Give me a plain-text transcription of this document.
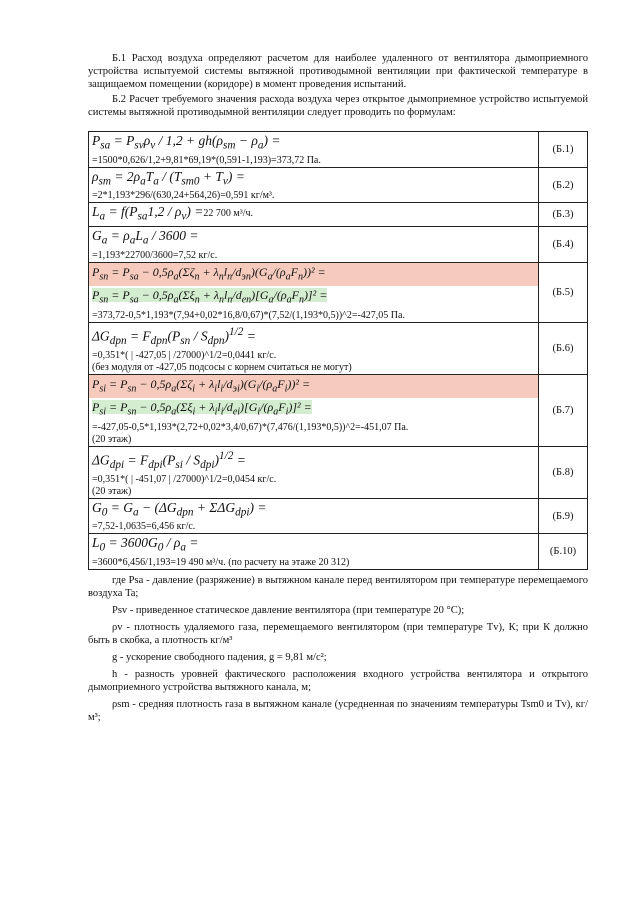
Б.1 Расход воздуха определяют расчетом для наиболее удаленного от вентилятора дымоприемного устройства испытуемой системы вытяжной противодымной вентиляции при фактической температуре в защищаемом помещении (коридоре) в момент проведения испытаний.

Б.2 Расчет требуемого значения расхода воздуха через открытое дымоприемное устройство испытуемой системы вытяжной противодымной вентиляции следует проводить по формулам:

$P_{sa} = P_{sv}\rho_v / 1,2 + gh(\rho_{sm} - \rho_a)$ =
=1500*0,626/1,2+9,81*69,19*(0,591-1,193)=373,72 Па.	(Б.1)

$\rho_{sm} = 2\rho_aT_a / (T_{sm0} + T_v)$ =
=2*1,193*296/(630,24+564,26)=0,591 кг/м³.	(Б.2)

$L_a = f(P_{sa}1,2 / \rho_v) =22$ 700 м³/ч.	(Б.3)

$G_a = \rho_aL_a / 3600$ =
=1,193*22700/3600=7,52 кг/с.	(Б.4)

$P_{sn} = P_{sa} - 0,5\rho_a(\Sigma\zeta_n + \lambda_nl_n/d_{эn})(G_a/(\rho_aF_n))^2$ =
$P_{sn} = P_{sa} - 0,5\rho_a(\Sigma\xi_n + \lambda_nl_n/d_{en})[G_a/(\rho_aF_n)]^2$ =
=373,72-0,5*1,193*(7,94+0,02*16,8/0,67)*(7,52/(1,193*0,5))^2=-427,05 Па.	(Б.5)

$\Delta G_{dpn} = F_{dpn}(P_{sn} / S_{dpn})^{1/2}$ =
=0,351*( | -427,05 | /27000)^1/2=0,0441 кг/с.
(без модуля от -427,05 подсосы с корнем считаться не могут)	(Б.6)

$P_{si} = P_{sn} - 0,5\rho_a(\Sigma\zeta_i + \lambda_il_i/d_{эi})(G_i/(\rho_aF_i))^2$ =
$P_{si} = P_{sn} - 0,5\rho_a(\Sigma\xi_i + \lambda_il_i/d_{ei})[G_i/(\rho_aF_i)]^2$ =
=-427,05-0,5*1,193*(2,72+0,02*3,4/0,67)*(7,476/(1,193*0,5))^2=-451,07 Па.
(20 этаж)	(Б.7)

$\Delta G_{dpi} = F_{dpi}(P_{si} / S_{dpi})^{1/2}$ =
=0,351*( | -451,07 | /27000)^1/2=0,0454 кг/с.
(20 этаж)	(Б.8)

$G_0 = G_a - (\Delta G_{dpn} + \Sigma\Delta G_{dpi})$ =
=7,52-1,0635=6,456 кг/с.	(Б.9)

$L_0 = 3600G_0 / \rho_a$ =
=3600*6,456/1,193=19 490 м³/ч. (по расчету на этаже 20 312)	(Б.10)

где Psa - давление (разряжение) в вытяжном канале перед вентилятором при температуре перемещаемого воздуха Ta;

Psv - приведенное статическое давление вентилятора (при температуре 20 °С);

ρv - плотность удаляемого газа, перемещаемого вентилятором (при температуре Tv), К; при К должно быть в скобка, а плотность кг/м³

g - ускорение свободного падения, g = 9,81 м/с²;

h - разность уровней фактического расположения входного устройства вентилятора и открытого дымоприемного устройства вытяжного канала, м;

ρsm - средняя плотность газа в вытяжном канале (усредненная по значениям температуры Tsm0 и Tv), кг/м³;
